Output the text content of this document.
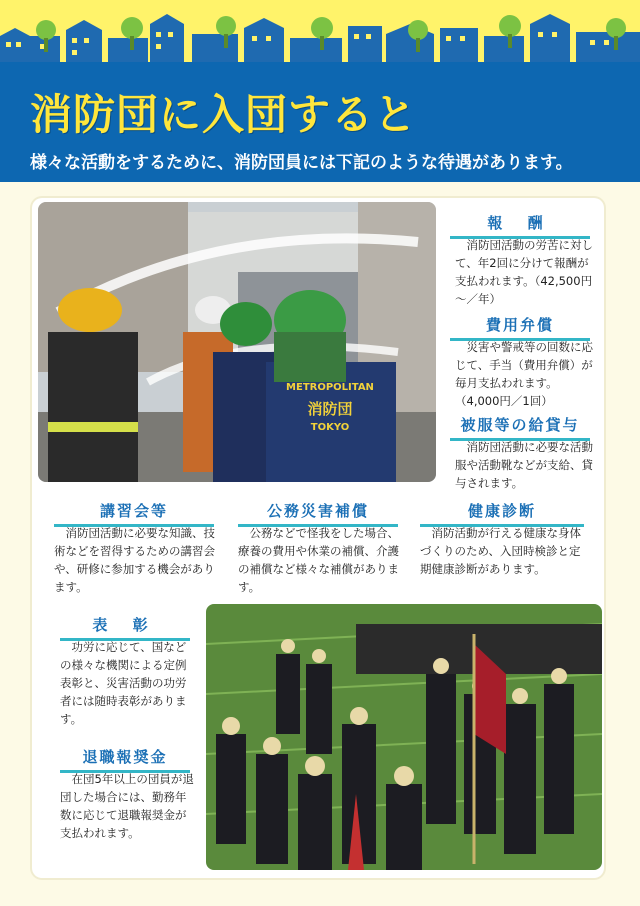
消防団に入団すると

様々な活動をするために、消防団員には下記のような待遇があります。

METROPOLITAN
消防団
TOKYO
報 酬

消防団活動の労苦に対して、年2回に分けて報酬が支払われます。（42,500円～／年）

費用弁償

災害や警戒等の回数に応じて、手当（費用弁償）が毎月支払われます。（4,000円／1回）

被服等の給貸与

消防団活動に必要な活動服や活動靴などが支給、貸与されます。

講習会等

消防団活動に必要な知識、技術などを習得するための講習会や、研修に参加する機会があります。

公務災害補償

公務などで怪我をした場合、療養の費用や休業の補償、介護の補償など様々な補償があります。

健康診断

消防活動が行える健康な身体づくりのため、入団時検診と定期健康診断があります。

表 彰

功労に応じて、国などの様々な機関による定例表彰と、災害活動の功労者には随時表彰があります。

退職報奨金

在団5年以上の団員が退団した場合には、勤務年数に応じて退職報奨金が支払われます。
